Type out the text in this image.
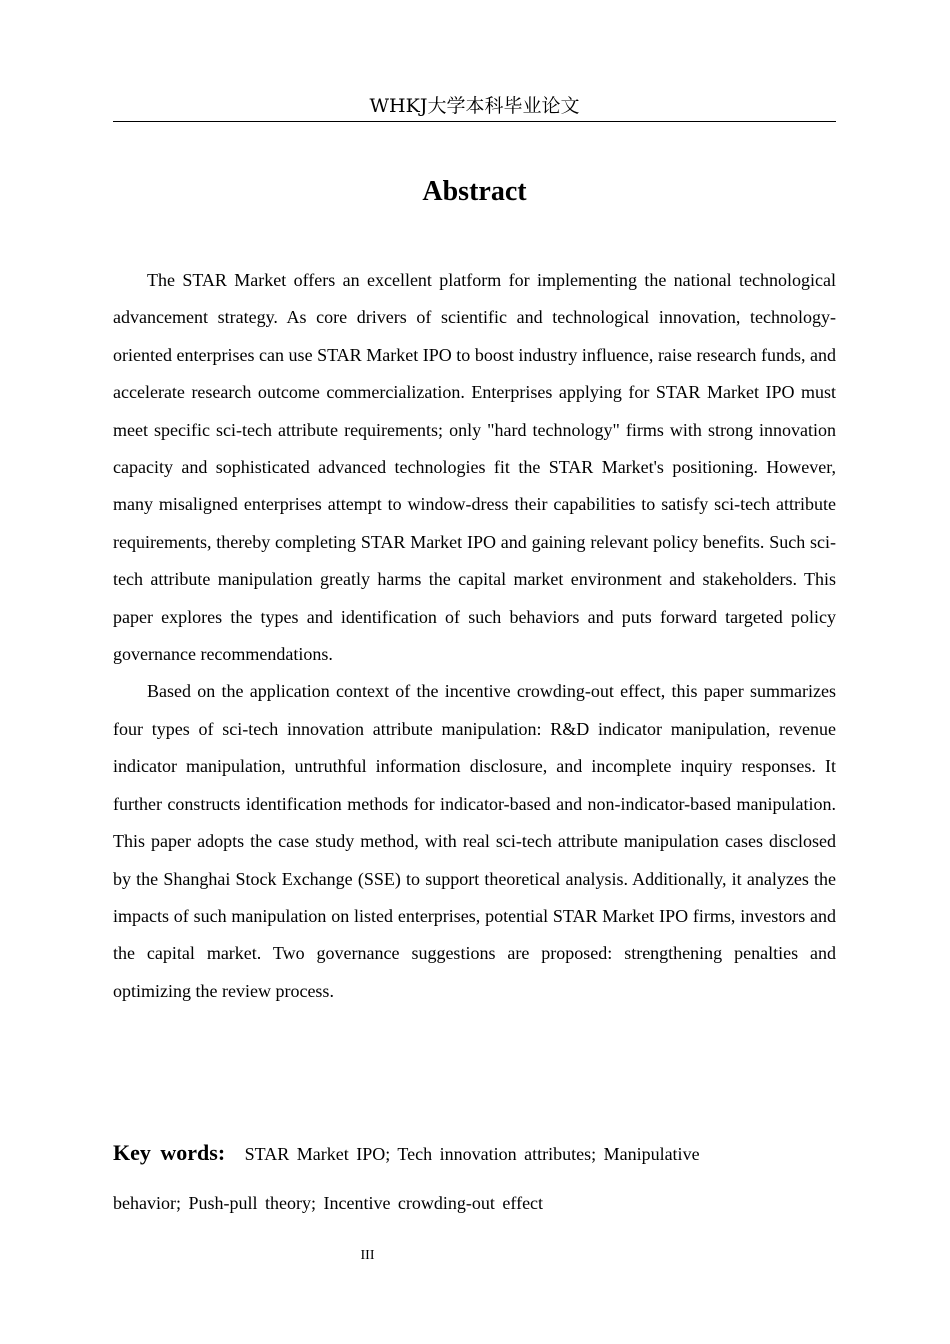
WHKJ大学本科毕业论文
Abstract

The STAR Market offers an excellent platform for implementing the national technological advancement strategy. As core drivers of scientific and technological innovation, technology-oriented enterprises can use STAR Market IPO to boost industry influence, raise research funds, and accelerate research outcome commercialization. Enterprises applying for STAR Market IPO must meet specific sci-tech attribute requirements; only "hard technology" firms with strong innovation capacity and sophisticated advanced technologies fit the STAR Market's positioning. However, many misaligned enterprises attempt to window-dress their capabilities to satisfy sci-tech attribute requirements, thereby completing STAR Market IPO and gaining relevant policy benefits. Such sci-tech attribute manipulation greatly harms the capital market environment and stakeholders. This paper explores the types and identification of such behaviors and puts forward targeted policy governance recommendations.

Based on the application context of the incentive crowding-out effect, this paper summarizes four types of sci-tech innovation attribute manipulation: R&D indicator manipulation, revenue indicator manipulation, untruthful information disclosure, and incomplete inquiry responses. It further constructs identification methods for indicator-based and non-indicator-based manipulation. This paper adopts the case study method, with real sci-tech attribute manipulation cases disclosed by the Shanghai Stock Exchange (SSE) to support theoretical analysis. Additionally, it analyzes the impacts of such manipulation on listed enterprises, potential STAR Market IPO firms, investors and the capital market. Two governance suggestions are proposed: strengthening penalties and optimizing the review process.

Key words: STAR Market IPO; Tech innovation attributes; Manipulative behavior; Push-pull theory; Incentive crowding-out effect
III
